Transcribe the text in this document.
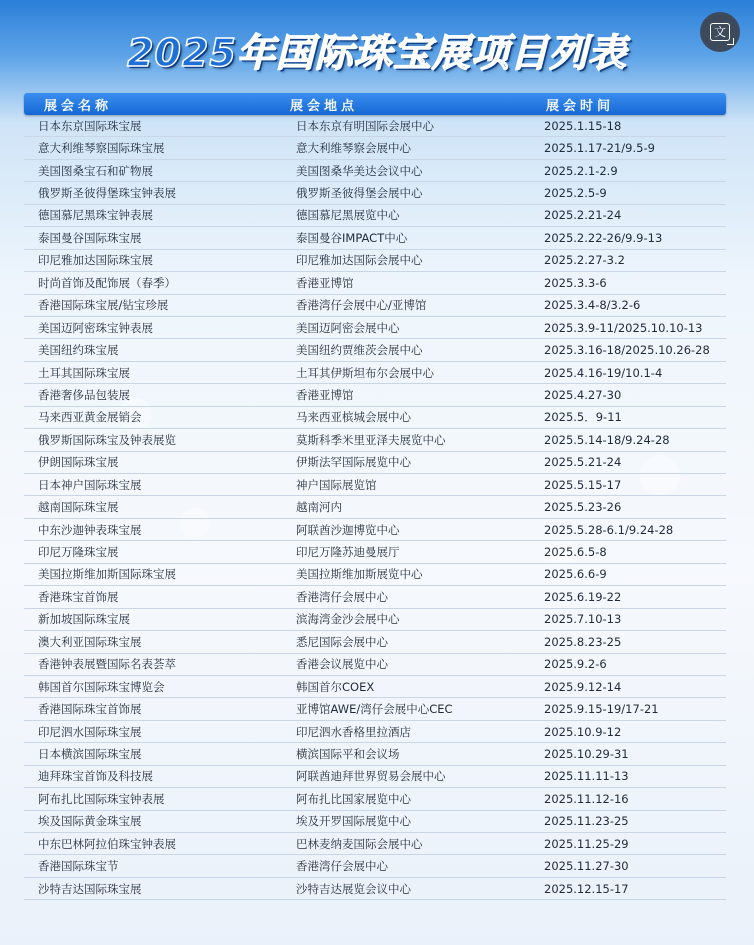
2025年国际珠宝展项目列表	文
展会名称	展会地点	展会时间
日本东京国际珠宝展	日本东京有明国际会展中心	2025.1.15-18
意大利维琴察国际珠宝展	意大利维琴察会展中心	2025.1.17-21/9.5-9
美国图桑宝石和矿物展	美国图桑华美达会议中心	2025.2.1-2.9
俄罗斯圣彼得堡珠宝钟表展	俄罗斯圣彼得堡会展中心	2025.2.5-9
德国慕尼黑珠宝钟表展	德国慕尼黑展览中心	2025.2.21-24
泰国曼谷国际珠宝展	泰国曼谷IMPACT中心	2025.2.22-26/9.9-13
印尼雅加达国际珠宝展	印尼雅加达国际会展中心	2025.2.27-3.2
时尚首饰及配饰展（春季）	香港亚博馆	2025.3.3-6
香港国际珠宝展/钻宝珍展	香港湾仔会展中心/亚博馆	2025.3.4-8/3.2-6
美国迈阿密珠宝钟表展	美国迈阿密会展中心	2025.3.9-11/2025.10.10-13
美国纽约珠宝展	美国纽约贾维茨会展中心	2025.3.16-18/2025.10.26-28
土耳其国际珠宝展	土耳其伊斯坦布尔会展中心	2025.4.16-19/10.1-4
香港奢侈品包装展	香港亚博馆	2025.4.27-30
马来西亚黄金展销会	马来西亚槟城会展中心	2025.5．9-11
俄罗斯国际珠宝及钟表展览	莫斯科季米里亚泽夫展览中心	2025.5.14-18/9.24-28
伊朗国际珠宝展	伊斯法罕国际展览中心	2025.5.21-24
日本神户国际珠宝展	神户国际展览馆	2025.5.15-17
越南国际珠宝展	越南河内	2025.5.23-26
中东沙迦钟表珠宝展	阿联酋沙迦博览中心	2025.5.28-6.1/9.24-28
印尼万隆珠宝展	印尼万隆苏迪曼展厅	2025.6.5-8
美国拉斯维加斯国际珠宝展	美国拉斯维加斯展览中心	2025.6.6-9
香港珠宝首饰展	香港湾仔会展中心	2025.6.19-22
新加坡国际珠宝展	滨海湾金沙会展中心	2025.7.10-13
澳大利亚国际珠宝展	悉尼国际会展中心	2025.8.23-25
香港钟表展暨国际名表荟萃	香港会议展览中心	2025.9.2-6
韩国首尔国际珠宝博览会	韩国首尔COEX	2025.9.12-14
香港国际珠宝首饰展	亚博馆AWE/湾仔会展中心CEC	2025.9.15-19/17-21
印尼泗水国际珠宝展	印尼泗水香格里拉酒店	2025.10.9-12
日本横滨国际珠宝展	横滨国际平和会议场	2025.10.29-31
迪拜珠宝首饰及科技展	阿联酋迪拜世界贸易会展中心	2025.11.11-13
阿布扎比国际珠宝钟表展	阿布扎比国家展览中心	2025.11.12-16
埃及国际黄金珠宝展	埃及开罗国际展览中心	2025.11.23-25
中东巴林阿拉伯珠宝钟表展	巴林麦纳麦国际会展中心	2025.11.25-29
香港国际珠宝节	香港湾仔会展中心	2025.11.27-30
沙特吉达国际珠宝展	沙特吉达展览会议中心	2025.12.15-17
